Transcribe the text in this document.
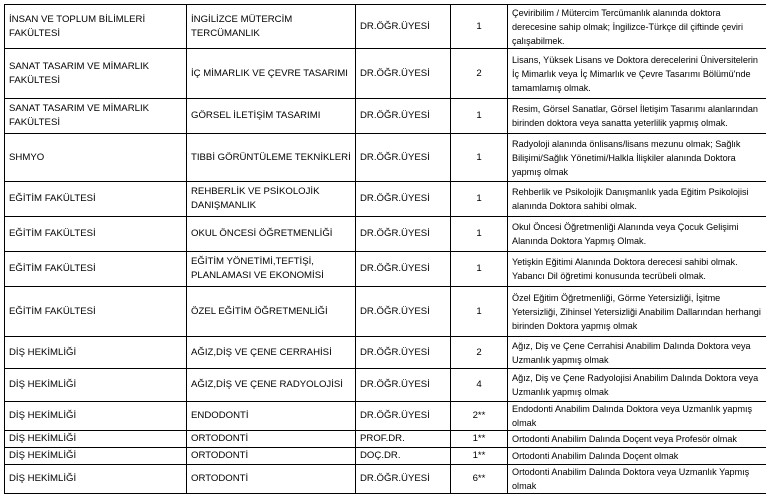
İNSAN VE TOPLUM BİLİMLERİ FAKÜLTESİ	İNGİLİZCE MÜTERCİM TERCÜMANLIK	DR.ÖĞR.ÜYESİ	1	Çeviribilim / Mütercim Tercümanlık alanında doktora derecesine sahip olmak; İngilizce-Türkçe dil çiftinde çeviri çalışabilmek.
SANAT TASARIM VE MİMARLIK FAKÜLTESİ	İÇ MİMARLIK VE ÇEVRE TASARIMI	DR.ÖĞR.ÜYESİ	2	Lisans, Yüksek Lisans ve Doktora derecelerini Üniversitelerin İç Mimarlık veya İç Mimarlık ve Çevre Tasarımı Bölümü'nde tamamlamış olmak.
SANAT TASARIM VE MİMARLIK FAKÜLTESİ	GÖRSEL İLETİŞİM TASARIMI	DR.ÖĞR.ÜYESİ	1	Resim, Görsel Sanatlar, Görsel İletişim Tasarımı alanlarından birinden doktora veya sanatta yeterlilik yapmış olmak.
SHMYO	TIBBİ GÖRÜNTÜLEME TEKNİKLERİ	DR.ÖĞR.ÜYESİ	1	Radyoloji alanında önlisans/lisans mezunu olmak; Sağlık Bilişimi/Sağlık Yönetimi/Halkla İlişkiler alanında Doktora yapmış olmak
EĞİTİM FAKÜLTESİ	REHBERLİK VE PSİKOLOJİK DANIŞMANLIK	DR.ÖĞR.ÜYESİ	1	Rehberlik ve Psikolojik Danışmanlık yada Eğitim Psikolojisi alanında Doktora sahibi olmak.
EĞİTİM FAKÜLTESİ	OKUL ÖNCESİ ÖĞRETMENLİĞİ	DR.ÖĞR.ÜYESİ	1	Okul Öncesi Öğretmenliği Alanında veya Çocuk Gelişimi Alanında Doktora Yapmış Olmak.
EĞİTİM FAKÜLTESİ	EĞİTİM YÖNETİMİ,TEFTİŞİ, PLANLAMASI VE EKONOMİSİ	DR.ÖĞR.ÜYESİ	1	Yetişkin Eğitimi Alanında Doktora derecesi sahibi olmak. Yabancı Dil öğretimi konusunda tecrübeli olmak.
EĞİTİM FAKÜLTESİ	ÖZEL EĞİTİM ÖĞRETMENLİĞİ	DR.ÖĞR.ÜYESİ	1	Özel Eğitim Öğretmenliği, Görme Yetersizliği, İşitme Yetersizliği, Zihinsel Yetersizliği Anabilim Dallarından herhangi birinden Doktora yapmış olmak
DİŞ HEKİMLİĞİ	AĞIZ,DİŞ VE ÇENE CERRAHİSİ	DR.ÖĞR.ÜYESİ	2	Ağız, Diş ve Çene Cerrahisi Anabilim Dalında Doktora veya Uzmanlık yapmış olmak
DİŞ HEKİMLİĞİ	AĞIZ,DİŞ VE ÇENE RADYOLOJİSİ	DR.ÖĞR.ÜYESİ	4	Ağız, Diş ve Çene Radyolojisi Anabilim Dalında Doktora veya Uzmanlık yapmış olmak
DİŞ HEKİMLİĞİ	ENDODONTİ	DR.ÖĞR.ÜYESİ	2**	Endodonti Anabilim Dalında Doktora veya Uzmanlık yapmış olmak
DİŞ HEKİMLİĞİ	ORTODONTİ	PROF.DR.	1**	Ortodonti Anabilim Dalında Doçent veya Profesör olmak
DİŞ HEKİMLİĞİ	ORTODONTİ	DOÇ.DR.	1**	Ortodonti Anabilim Dalında Doçent olmak
DİŞ HEKİMLİĞİ	ORTODONTİ	DR.ÖĞR.ÜYESİ	6**	Ortodonti Anabilim Dalında Doktora veya Uzmanlık Yapmış olmak
